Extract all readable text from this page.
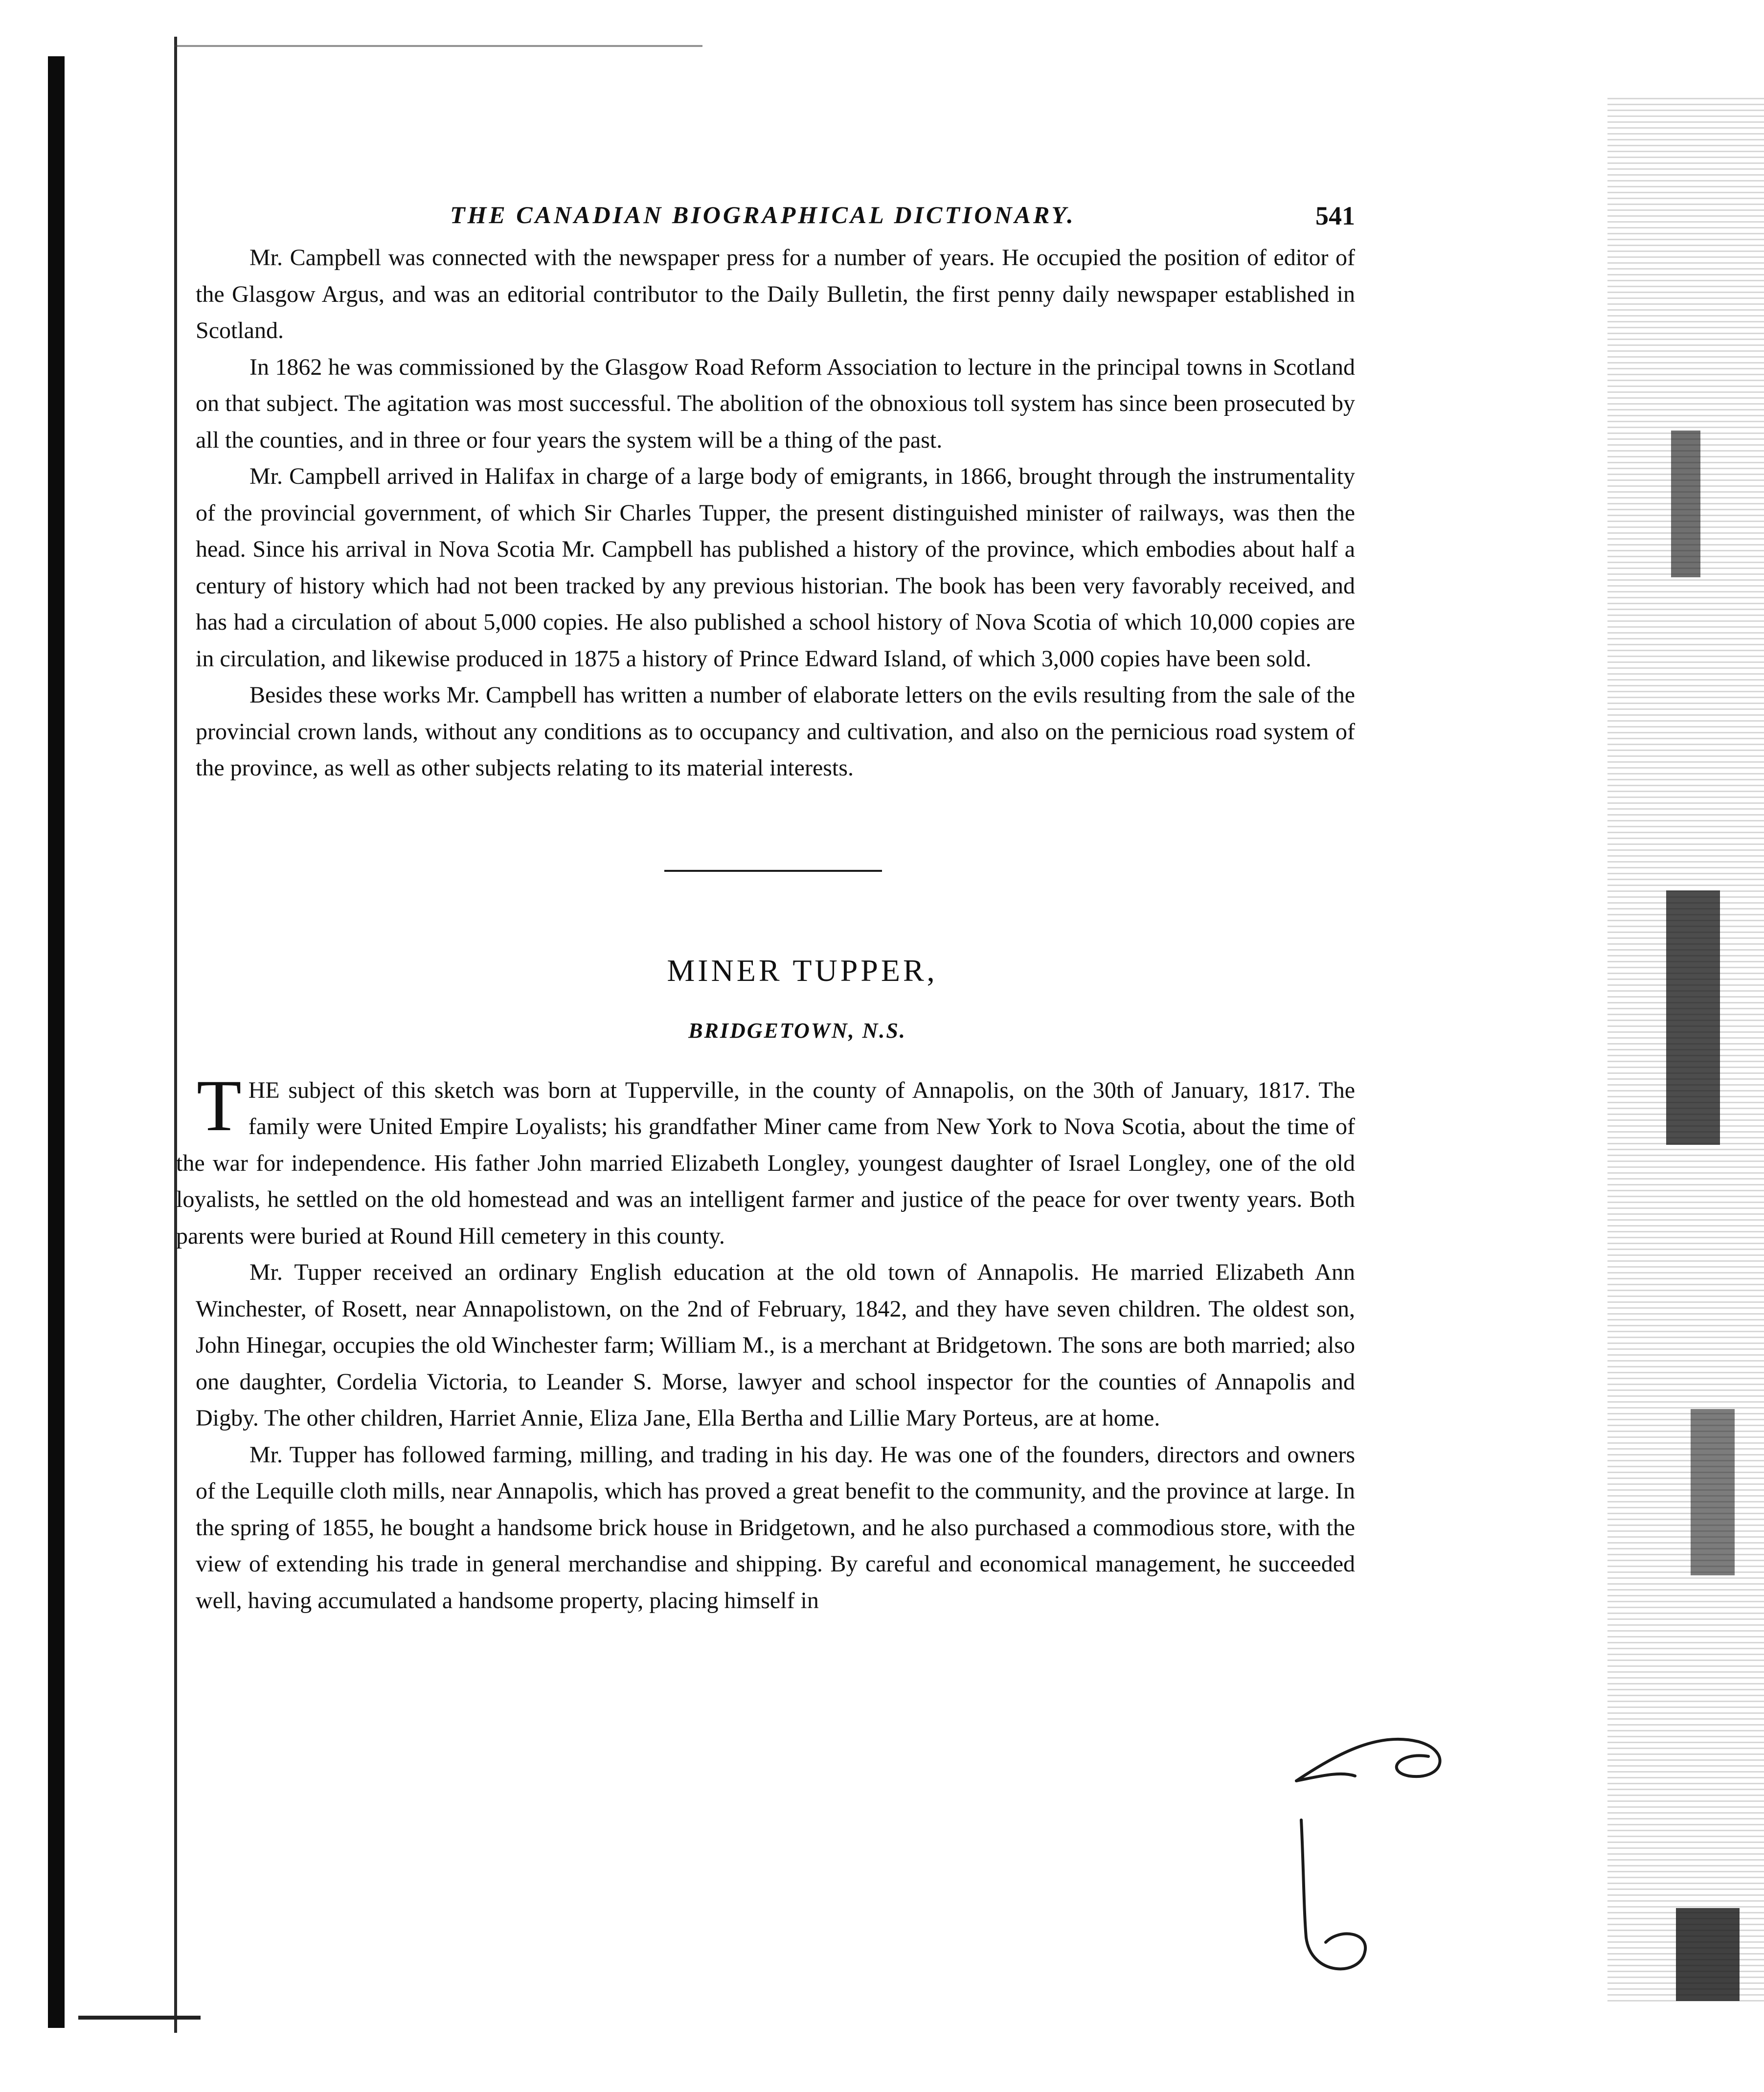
THE CANADIAN BIOGRAPHICAL DICTIONARY.	541

Mr. Campbell was connected with the newspaper press for a number of years. He occupied the position of editor of the Glasgow Argus, and was an editorial contributor to the Daily Bulletin, the first penny daily newspaper established in Scotland.

In 1862 he was commissioned by the Glasgow Road Reform Association to lecture in the principal towns in Scotland on that subject. The agitation was most successful. The abolition of the obnoxious toll system has since been prosecuted by all the counties, and in three or four years the system will be a thing of the past.

Mr. Campbell arrived in Halifax in charge of a large body of emigrants, in 1866, brought through the instrumentality of the provincial government, of which Sir Charles Tupper, the present distinguished minister of railways, was then the head. Since his arrival in Nova Scotia Mr. Campbell has published a history of the province, which embodies about half a century of history which had not been tracked by any previous historian. The book has been very favorably received, and has had a circulation of about 5,000 copies. He also published a school history of Nova Scotia of which 10,000 copies are in circulation, and likewise produced in 1875 a history of Prince Edward Island, of which 3,000 copies have been sold.

Besides these works Mr. Campbell has written a number of elaborate letters on the evils resulting from the sale of the provincial crown lands, without any conditions as to occupancy and cultivation, and also on the pernicious road system of the province, as well as other subjects relating to its material interests.

MINER TUPPER,
BRIDGETOWN, N.S.
T HE subject of this sketch was born at Tupperville, in the county of Annapolis, on the 30th of January, 1817. The family were United Empire Loyalists; his grandfather Miner came from New York to Nova Scotia, about the time of the war for independence. His father John married Elizabeth Longley, youngest daughter of Israel Longley, one of the old loyalists, he settled on the old homestead and was an intelligent farmer and justice of the peace for over twenty years. Both parents were buried at Round Hill cemetery in this county.

Mr. Tupper received an ordinary English education at the old town of Annapolis. He married Elizabeth Ann Winchester, of Rosett, near Annapolistown, on the 2nd of February, 1842, and they have seven children. The oldest son, John Hinegar, occupies the old Winchester farm; William M., is a merchant at Bridgetown. The sons are both married; also one daughter, Cordelia Victoria, to Leander S. Morse, lawyer and school inspector for the counties of Annapolis and Digby. The other children, Harriet Annie, Eliza Jane, Ella Bertha and Lillie Mary Porteus, are at home.

Mr. Tupper has followed farming, milling, and trading in his day. He was one of the founders, directors and owners of the Lequille cloth mills, near Annapolis, which has proved a great benefit to the community, and the province at large. In the spring of 1855, he bought a handsome brick house in Bridgetown, and he also purchased a commodious store, with the view of extending his trade in general merchandise and shipping. By careful and economical management, he succeeded well, having accumulated a handsome property, placing himself in
